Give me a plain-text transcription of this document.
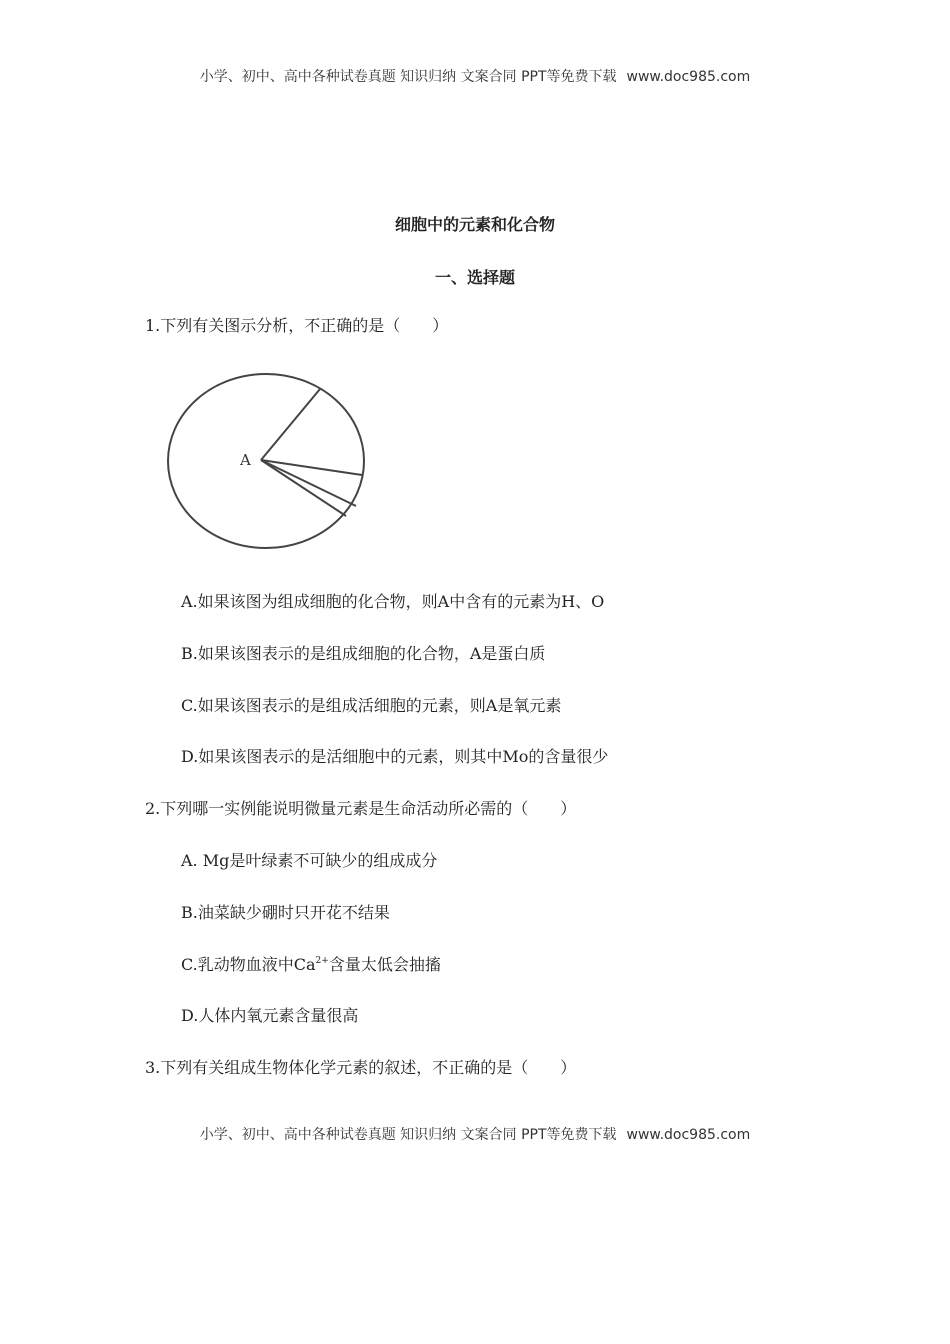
小学、初中、高中各种试卷真题 知识归纳 文案合同 PPT等免费下载 www.doc985.com
细胞中的元素和化合物
一、选择题
1.下列有关图示分析，不正确的是（　　）
A
A.如果该图为组成细胞的化合物，则A中含有的元素为H、O
B.如果该图表示的是组成细胞的化合物，A是蛋白质
C.如果该图表示的是组成活细胞的元素，则A是氧元素
D.如果该图表示的是活细胞中的元素，则其中Mo的含量很少
2.下列哪一实例能说明微量元素是生命活动所必需的（　　）
A. Mg是叶绿素不可缺少的组成成分
B.油菜缺少硼时只开花不结果
C.乳动物血液中$Ca^{2+}$含量太低会抽搐
D.人体内氧元素含量很高
3.下列有关组成生物体化学元素的叙述，不正确的是（　　）
小学、初中、高中各种试卷真题 知识归纳 文案合同 PPT等免费下载 www.doc985.com
